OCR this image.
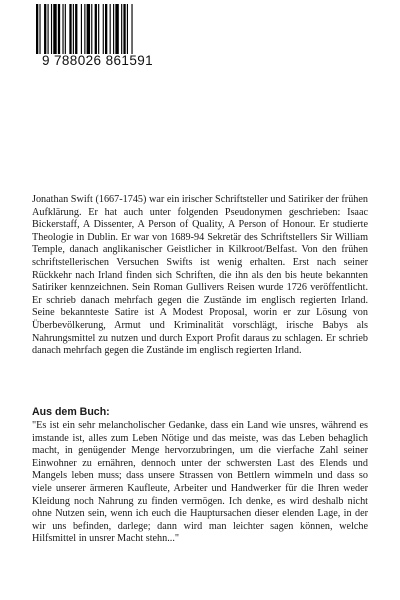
9 788026 861591

Jonathan Swift (1667-1745) war ein irischer Schriftsteller und Satiriker der frühen Aufklärung. Er hat auch unter folgenden Pseudonymen geschrieben: Isaac Bickerstaff, A Dissenter, A Person of Quality, A Person of Honour. Er studierte Theologie in Dublin. Er war von 1689-94 Sekretär des Schriftstellers Sir William Temple, danach anglikanischer Geistlicher in Kilkroot/Belfast. Von den frühen schriftstellerischen Versuchen Swifts ist wenig erhalten. Erst nach seiner Rückkehr nach Irland finden sich Schriften, die ihn als den bis heute bekannten Satiriker kennzeichnen. Sein Roman Gullivers Reisen wurde 1726 veröffentlicht. Er schrieb danach mehrfach gegen die Zustände im englisch regierten Irland. Seine bekannteste Satire ist A Modest Proposal, worin er zur Lösung von Überbevölkerung, Armut und Kriminalität vorschlägt, irische Babys als Nahrungsmittel zu nutzen und durch Export Profit daraus zu schlagen. Er schrieb danach mehrfach gegen die Zustände im englisch regierten Irland.

Aus dem Buch:

"Es ist ein sehr melancholischer Gedanke, dass ein Land wie unsres, während es imstande ist, alles zum Leben Nötige und das meiste, was das Leben behaglich macht, in genügender Menge hervorzubringen, um die vierfache Zahl seiner Einwohner zu ernähren, dennoch unter der schwersten Last des Elends und Mangels leben muss; dass unsere Strassen von Bettlern wimmeln und dass so viele unserer ärmeren Kaufleute, Arbeiter und Handwerker für die Ihren weder Kleidung noch Nahrung zu finden vermögen. Ich denke, es wird deshalb nicht ohne Nutzen sein, wenn ich euch die Hauptursachen dieser elenden Lage, in der wir uns befinden, darlege; dann wird man leichter sagen können, welche Hilfsmittel in unsrer Macht stehn..."
